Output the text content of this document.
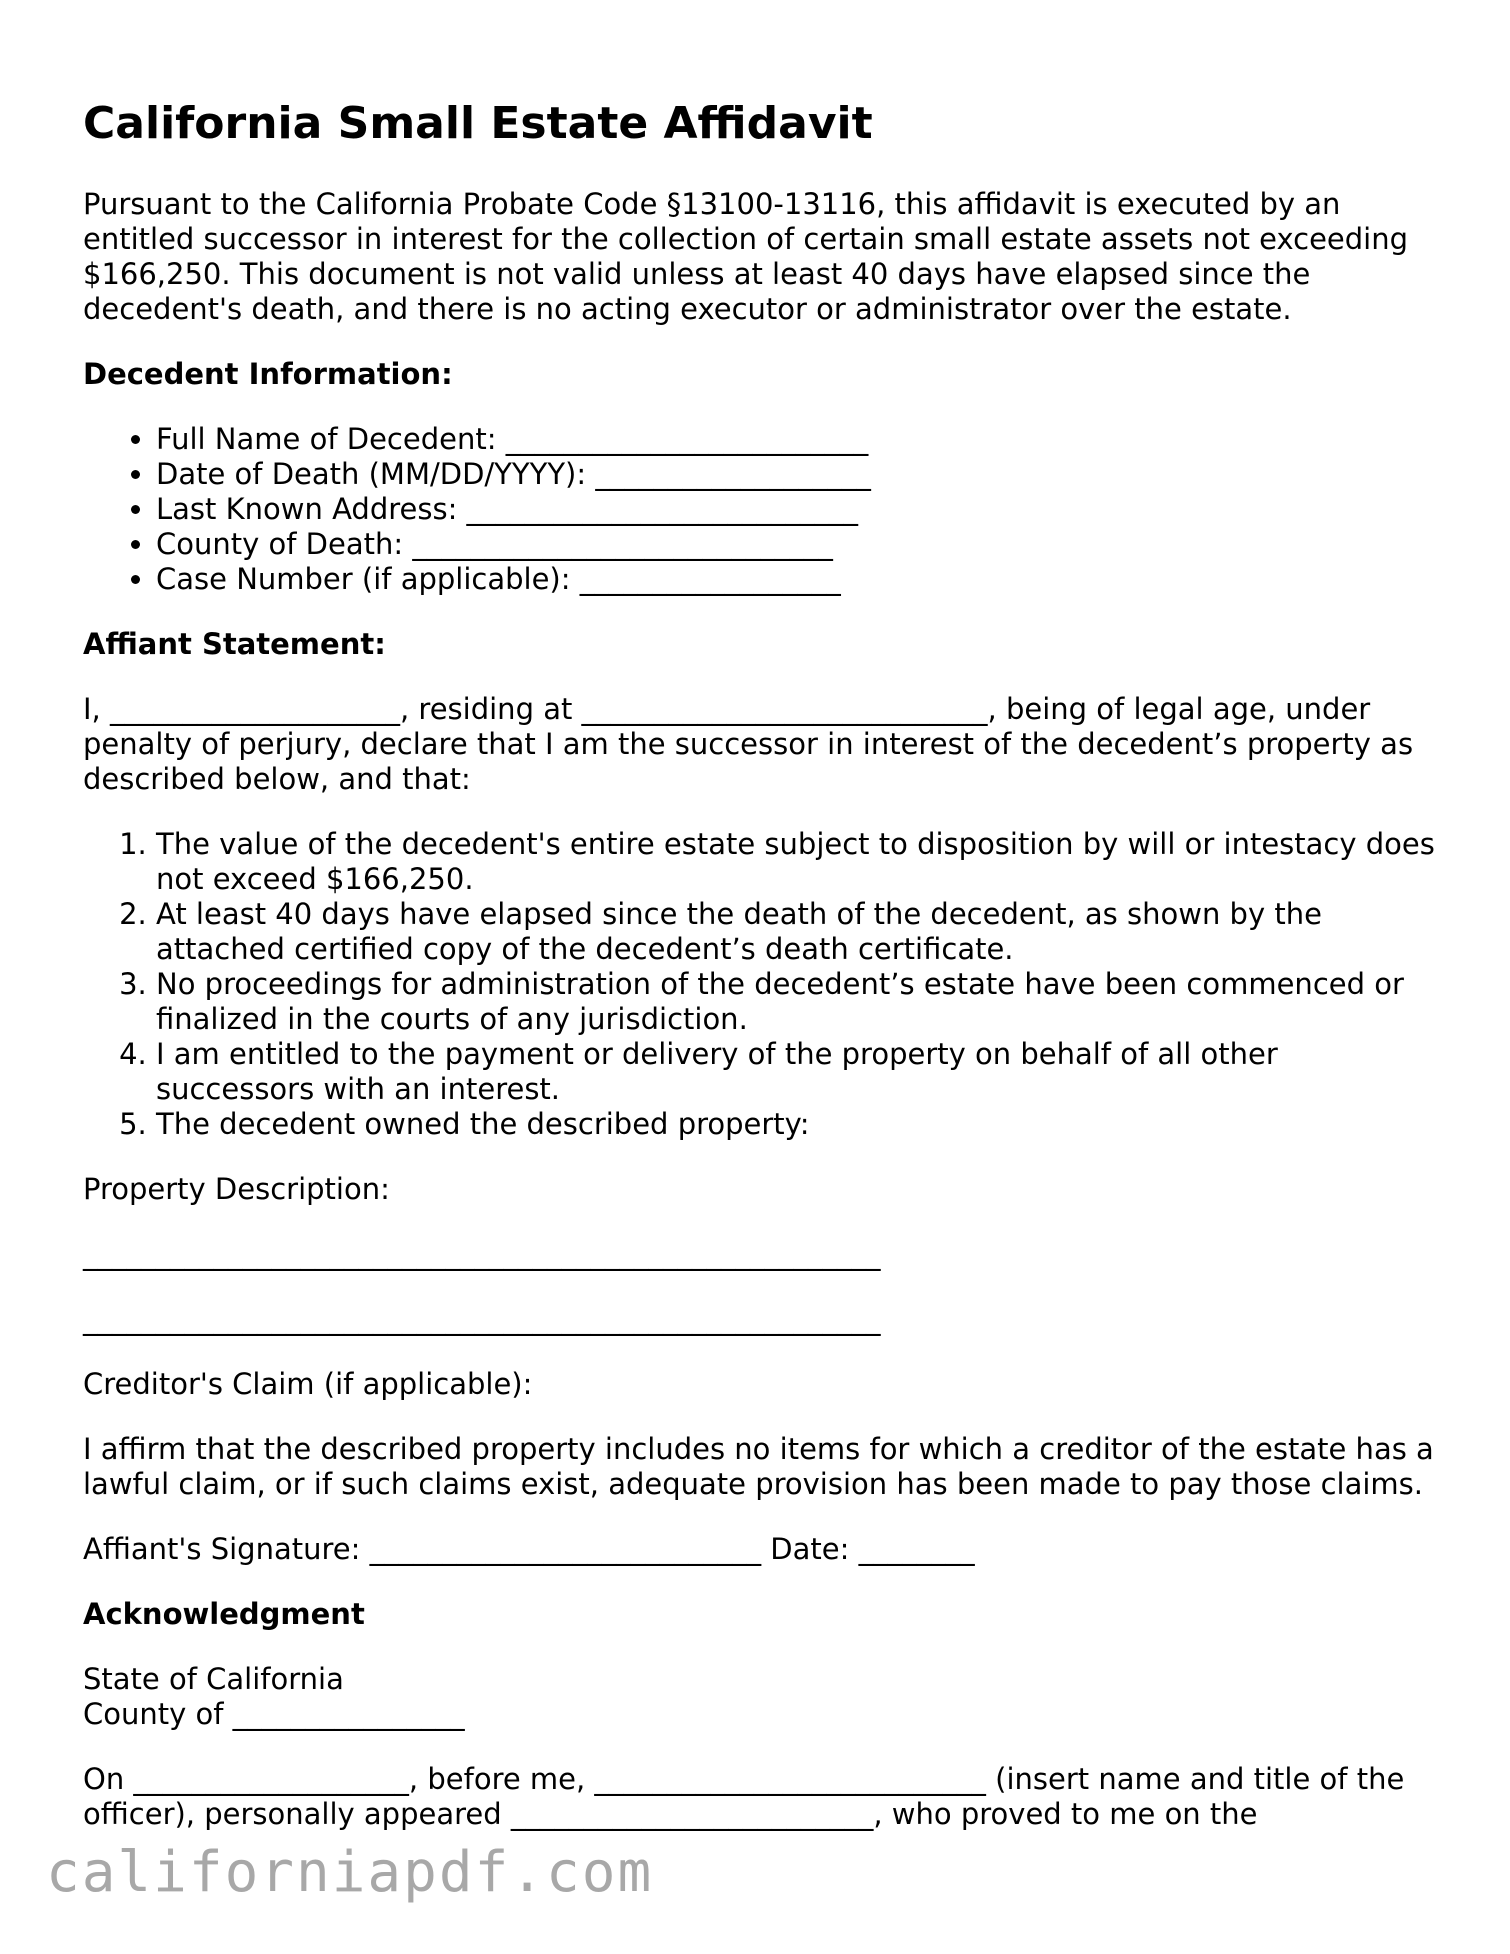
California Small Estate Affidavit

Pursuant to the California Probate Code §13100-13116, this affidavit is executed by an entitled successor in interest for the collection of certain small estate assets not exceeding $166,250. This document is not valid unless at least 40 days have elapsed since the decedent's death, and there is no acting executor or administrator over the estate.

Decedent Information:

• Full Name of Decedent: _________________________
• Date of Death (MM/DD/YYYY): ___________________
• Last Known Address: ___________________________
• County of Death: _____________________________
• Case Number (if applicable): __________________

Affiant Statement:

I, ____________________, residing at ____________________________, being of legal age, under penalty of perjury, declare that I am the successor in interest of the decedent’s property as described below, and that:

1. The value of the decedent's entire estate subject to disposition by will or intestacy does not exceed $166,250.
2. At least 40 days have elapsed since the death of the decedent, as shown by the attached certified copy of the decedent’s death certificate.
3. No proceedings for administration of the decedent’s estate have been commenced or finalized in the courts of any jurisdiction.
4. I am entitled to the payment or delivery of the property on behalf of all other successors with an interest.
5. The decedent owned the described property:

Property Description:

_______________________________________________________

_______________________________________________________

Creditor's Claim (if applicable):

I affirm that the described property includes no items for which a creditor of the estate has a lawful claim, or if such claims exist, adequate provision has been made to pay those claims.

Affiant's Signature: ___________________________ Date: ________

Acknowledgment

State of California

County of ________________

On ___________________, before me, ___________________________ (insert name and title of the officer), personally appeared _________________________, who proved to me on the

californiapdf.com
